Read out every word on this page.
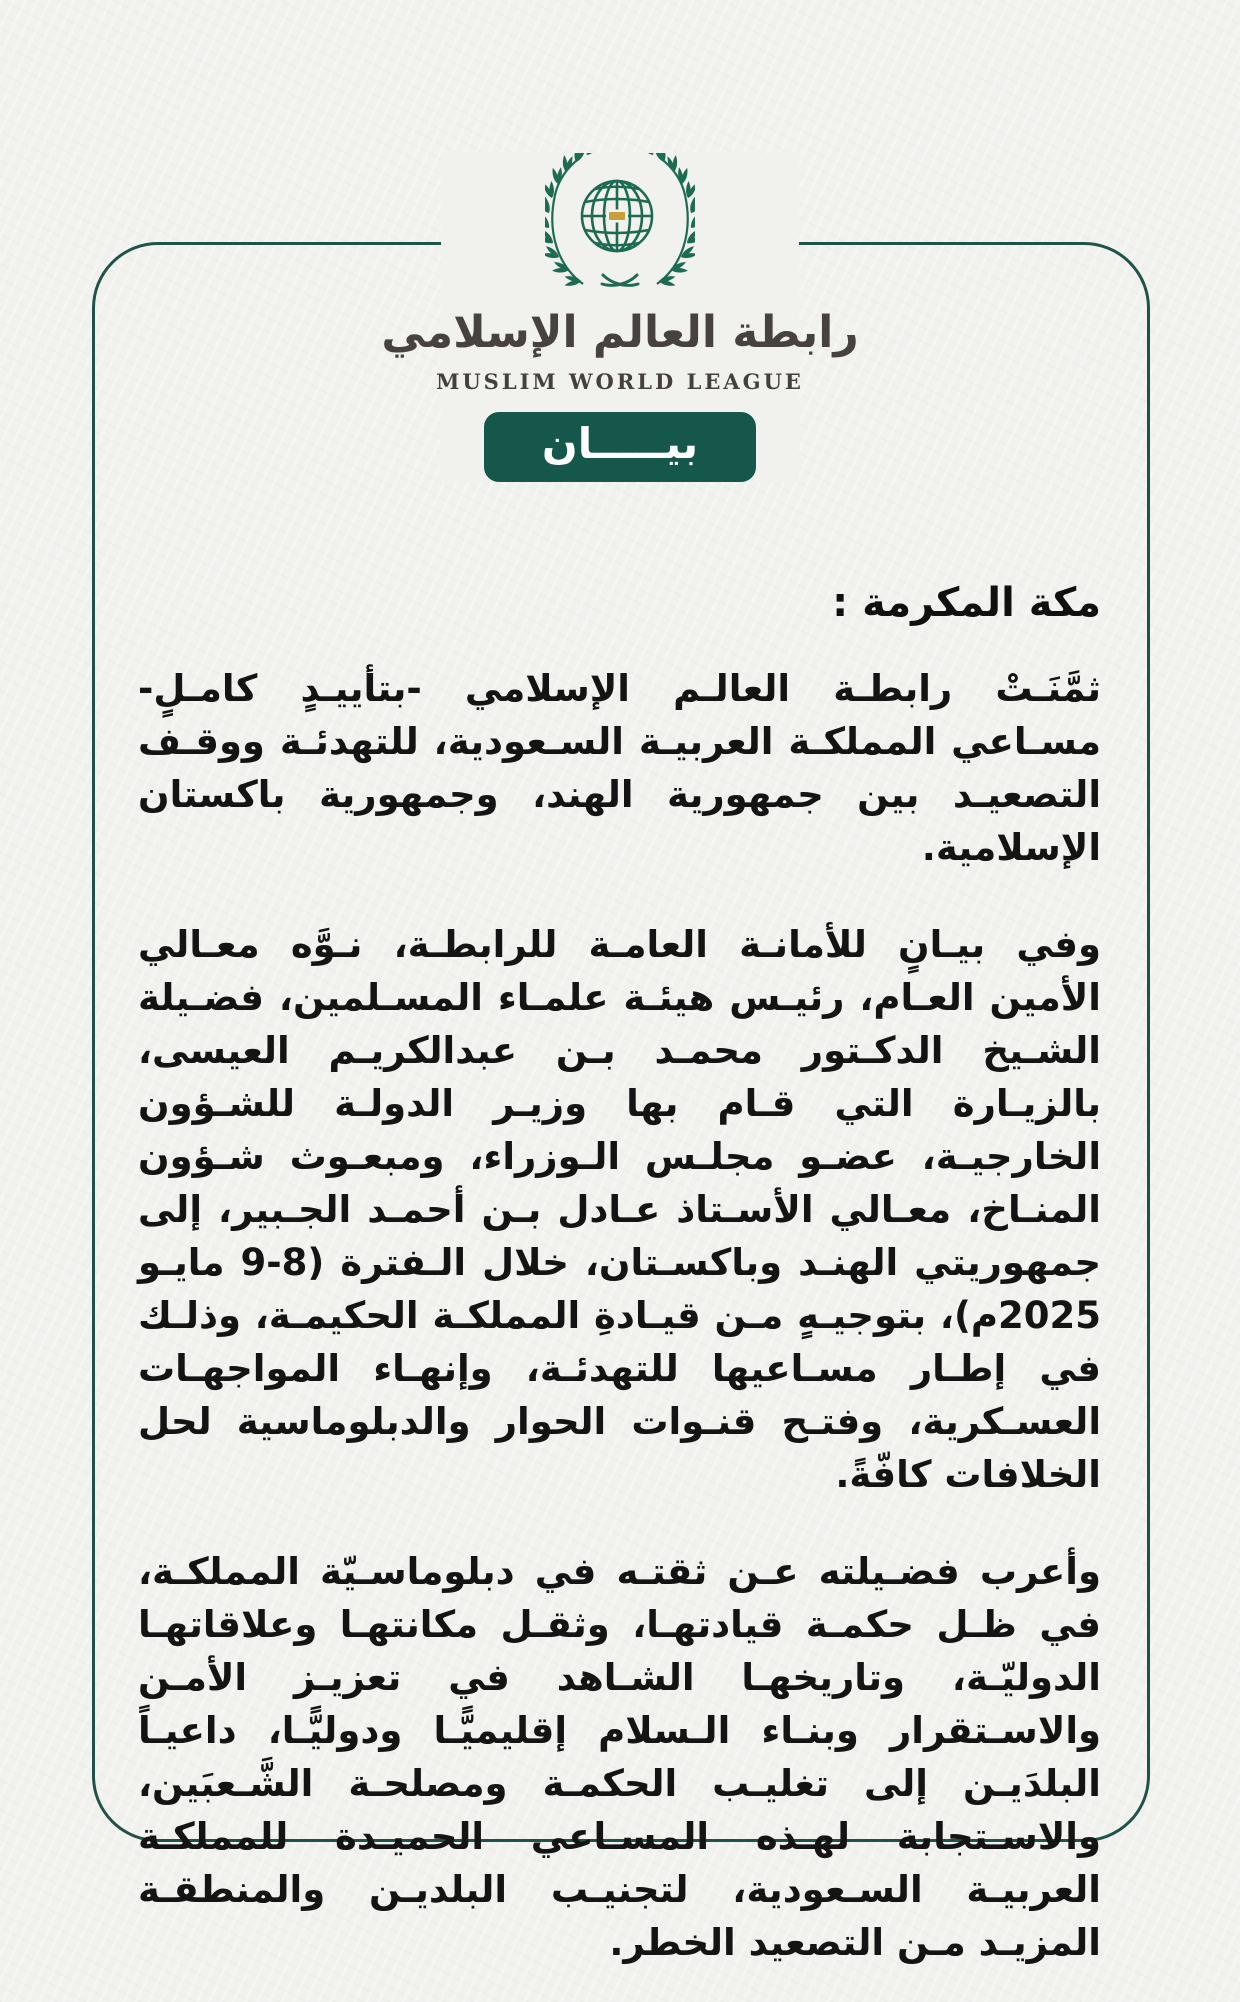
رابطة العالم الإسلامي
MUSLIM WORLD LEAGUE
بيـــــان
مكة المكرمة :

ثمَّنَـتْ رابطـة العالـم الإسلامي -بتأييـدٍ كامـلٍ- مسـاعي المملكـة العربيـة السـعودية، للتهدئـة ووقـف التصعيـد بين جمهورية الهند، وجمهورية باكستان الإسلامية.

وفي بيـانٍ للأمانـة العامـة للرابطـة، نـوَّه معـالي الأمين العـام، رئيـس هيئـة علمـاء المسـلمين، فضـيلة الشـيخ الدكـتور محمـد بـن عبدالكريـم العيسى، بالزيـارة التي قـام بها وزيـر الدولـة للشـؤون الخارجيـة، عضـو مجلـس الـوزراء، ومبعـوث شـؤون المنـاخ، معـالي الأسـتاذ عـادل بـن أحمـد الجـبير، إلى جمهوريتي الهنـد وباكسـتان، خلال الـفترة (8-9 مايـو 2025م)، بتوجيـهٍ مـن قيـادةِ المملكـة الحكيمـة، وذلـك في إطـار مسـاعيها للتهدئـة، وإنهـاء المواجهـات العسـكرية، وفتـح قنـوات الحوار والدبلوماسية لحل الخلافات كافّةً.

وأعرب فضـيلته عـن ثقتـه في دبلوماسـيّة المملكـة، في ظـل حكمـة قيادتهـا، وثقـل مكانتهـا وعلاقاتهـا الدوليّـة، وتاريخهـا الشـاهد في تعزيـز الأمـن والاسـتقرار وبنـاء الـسلام إقليميًّـا ودوليًّـا، داعيـاً البلدَيـن إلى تغليـب الحكمـة ومصلحـة الشَّـعبَين، والاسـتجابة لهـذه المسـاعي الحميـدة للمملكـة العربيـة السـعودية، لتجنيـب البلديـن والمنطقـة المزيـد مـن التصعيد الخطر.
